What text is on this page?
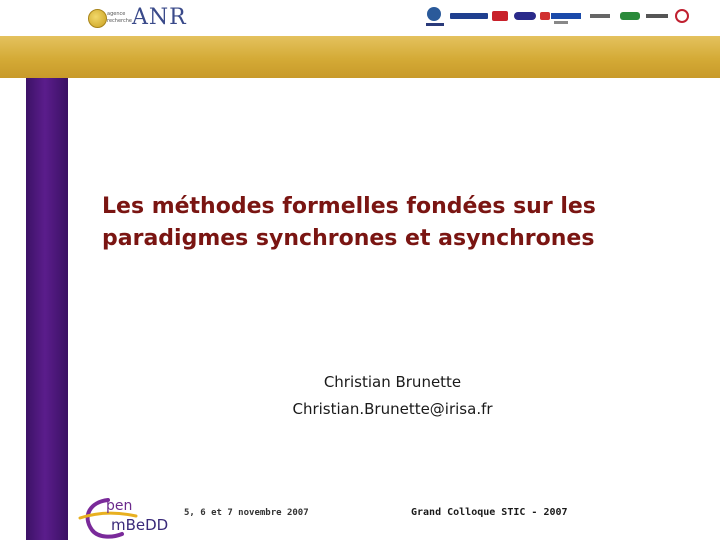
agence
recherche ANR
Les méthodes formelles fondées sur les
paradigmes synchrones et asynchrones
Christian Brunette
Christian.Brunette@irisa.fr
pen
mBeDD
5, 6 et 7 novembre 2007	Grand Colloque STIC - 2007
